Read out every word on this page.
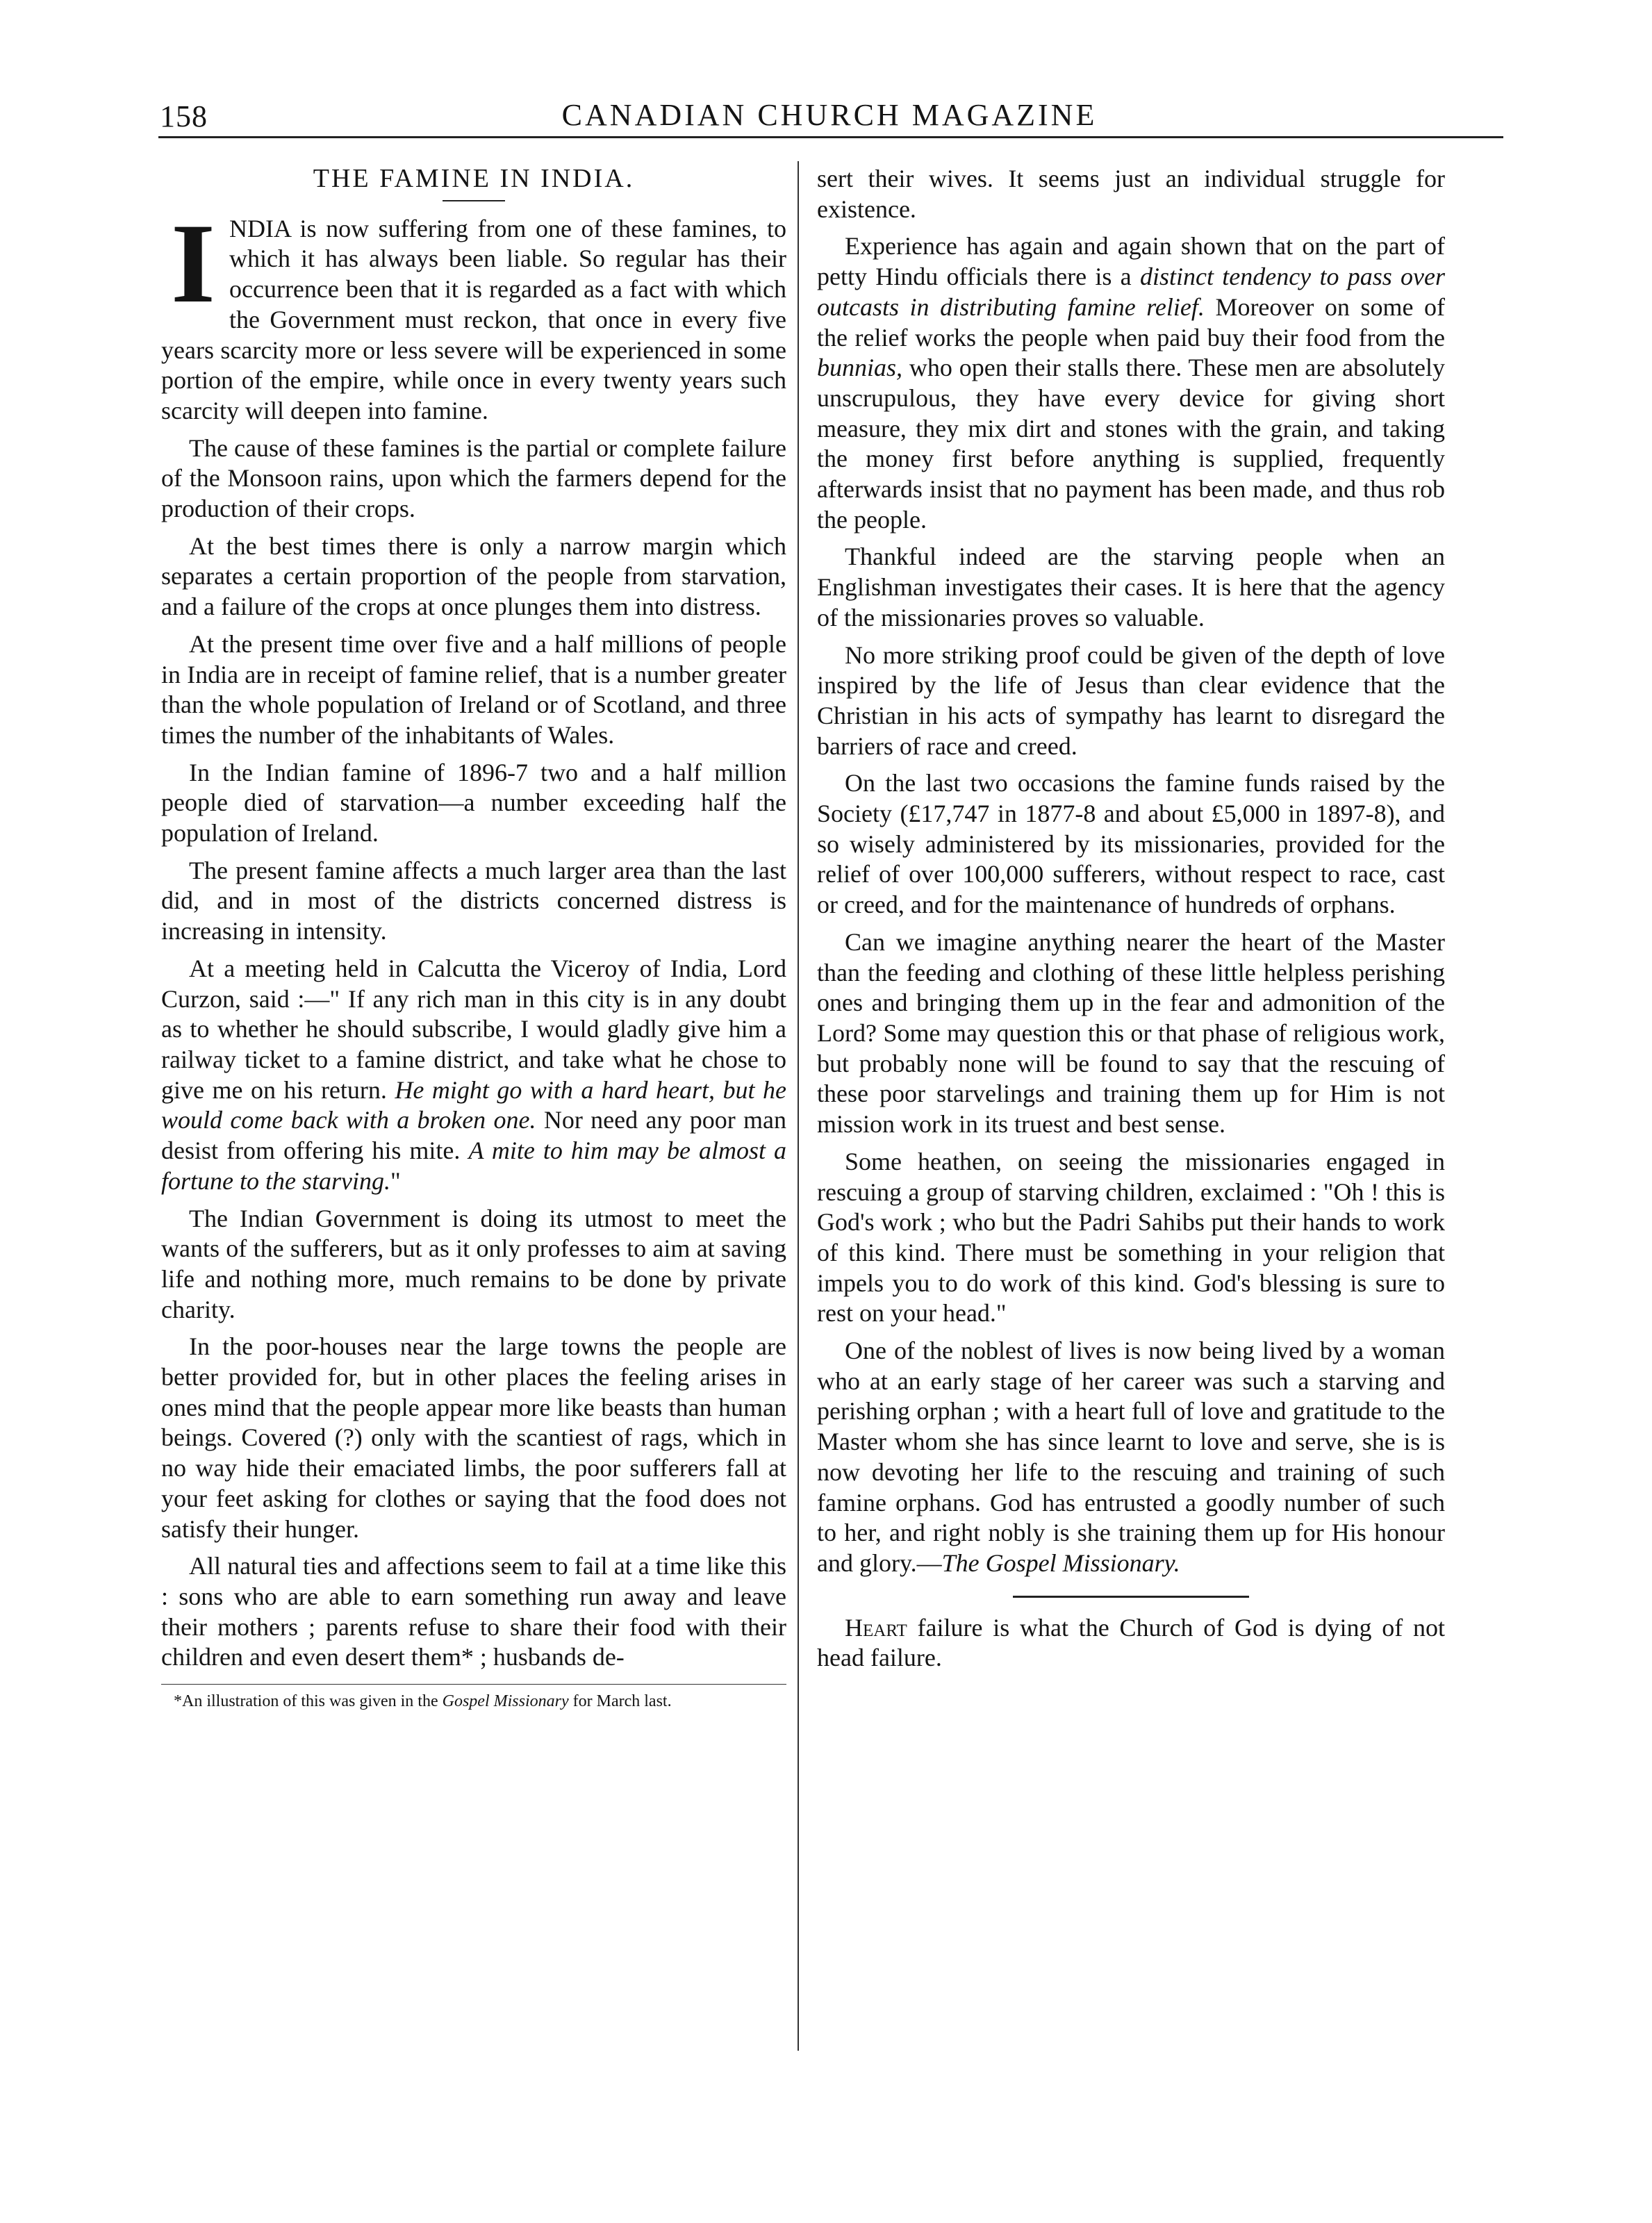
158	CANADIAN CHURCH MAGAZINE
THE FAMINE IN INDIA.

INDIA is now suffering from one of these famines, to which it has always been liable. So regular has their occurrence been that it is regarded as a fact with which the Government must reckon, that once in every five years scarcity more or less severe will be experienced in some portion of the empire, while once in every twenty years such scarcity will deepen into famine.

The cause of these famines is the partial or complete failure of the Monsoon rains, upon which the farmers depend for the production of their crops.

At the best times there is only a narrow margin which separates a certain proportion of the people from starvation, and a failure of the crops at once plunges them into distress.

At the present time over five and a half millions of people in India are in receipt of famine relief, that is a number greater than the whole population of Ireland or of Scotland, and three times the number of the inhabitants of Wales.

In the Indian famine of 1896-7 two and a half million people died of starvation—a number exceeding half the population of Ireland.

The present famine affects a much larger area than the last did, and in most of the districts concerned distress is increasing in intensity.

At a meeting held in Calcutta the Viceroy of India, Lord Curzon, said :—" If any rich man in this city is in any doubt as to whether he should subscribe, I would gladly give him a railway ticket to a famine district, and take what he chose to give me on his return. He might go with a hard heart, but he would come back with a broken one. Nor need any poor man desist from offering his mite. A mite to him may be almost a fortune to the starving."

The Indian Government is doing its utmost to meet the wants of the sufferers, but as it only professes to aim at saving life and nothing more, much remains to be done by private charity.

In the poor-houses near the large towns the people are better provided for, but in other places the feeling arises in ones mind that the people appear more like beasts than human beings. Covered (?) only with the scantiest of rags, which in no way hide their emaciated limbs, the poor sufferers fall at your feet asking for clothes or saying that the food does not satisfy their hunger.

All natural ties and affections seem to fail at a time like this : sons who are able to earn something run away and leave their mothers ; parents refuse to share their food with their children and even desert them* ; husbands de-

*An illustration of this was given in the Gospel Missionary for March last.

sert their wives. It seems just an individual struggle for existence.

Experience has again and again shown that on the part of petty Hindu officials there is a distinct tendency to pass over outcasts in distributing famine relief. Moreover on some of the relief works the people when paid buy their food from the bunnias, who open their stalls there. These men are absolutely unscrupulous, they have every device for giving short measure, they mix dirt and stones with the grain, and taking the money first before anything is supplied, frequently afterwards insist that no payment has been made, and thus rob the people.

Thankful indeed are the starving people when an Englishman investigates their cases. It is here that the agency of the missionaries proves so valuable.

No more striking proof could be given of the depth of love inspired by the life of Jesus than clear evidence that the Christian in his acts of sympathy has learnt to disregard the barriers of race and creed.

On the last two occasions the famine funds raised by the Society (£17,747 in 1877-8 and about £5,000 in 1897-8), and so wisely administered by its missionaries, provided for the relief of over 100,000 sufferers, without respect to race, cast or creed, and for the maintenance of hundreds of orphans.

Can we imagine anything nearer the heart of the Master than the feeding and clothing of these little helpless perishing ones and bringing them up in the fear and admonition of the Lord? Some may question this or that phase of religious work, but probably none will be found to say that the rescuing of these poor starvelings and training them up for Him is not mission work in its truest and best sense.

Some heathen, on seeing the missionaries engaged in rescuing a group of starving children, exclaimed : "Oh ! this is God's work ; who but the Padri Sahibs put their hands to work of this kind. There must be something in your religion that impels you to do work of this kind. God's blessing is sure to rest on your head."

One of the noblest of lives is now being lived by a woman who at an early stage of her career was such a starving and perishing orphan ; with a heart full of love and gratitude to the Master whom she has since learnt to love and serve, she is is now devoting her life to the rescuing and training of such famine orphans. God has entrusted a goodly number of such to her, and right nobly is she training them up for His honour and glory.—The Gospel Missionary.

Heart failure is what the Church of God is dying of not head failure.
